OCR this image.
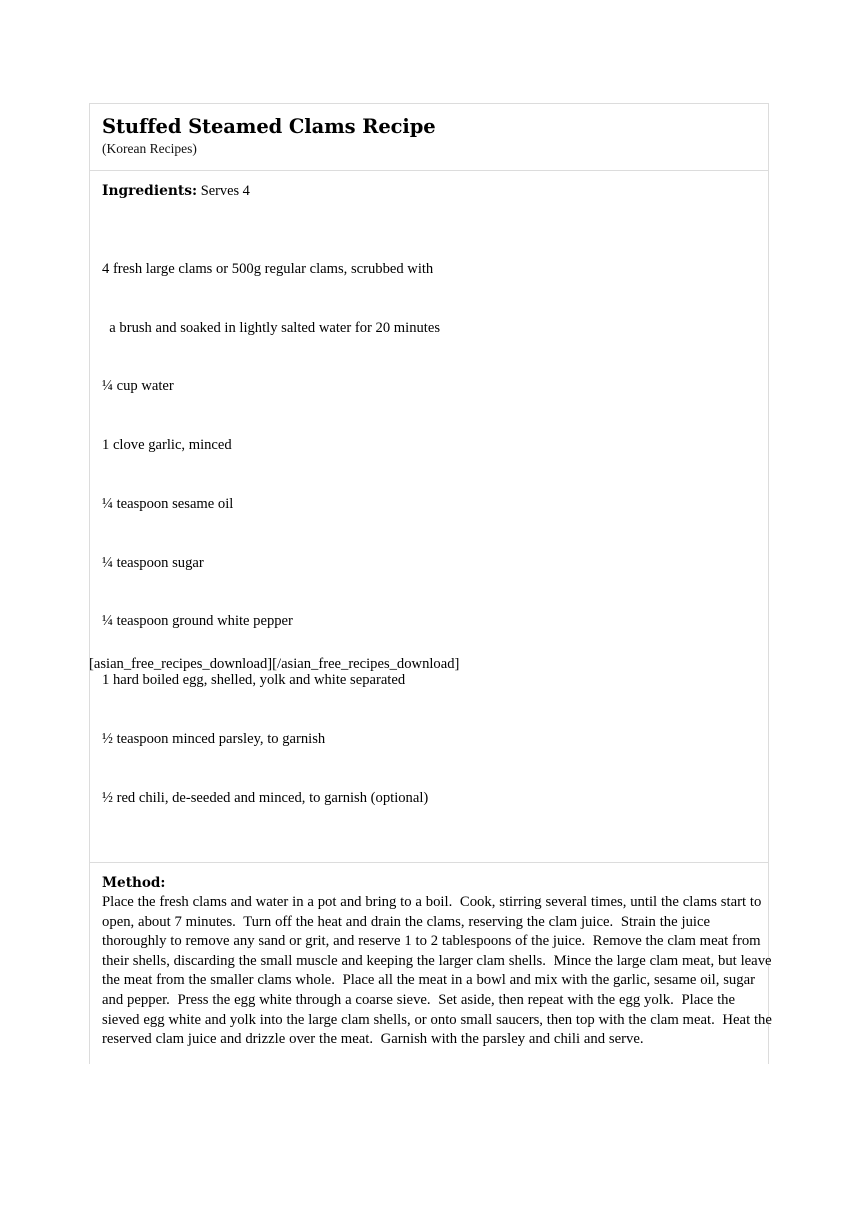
Stuffed Steamed Clams Recipe
(Korean Recipes)

Ingredients: Serves 4

4 fresh large clams or 500g regular clams, scrubbed with

a brush and soaked in lightly salted water for 20 minutes

¼ cup water

1 clove garlic, minced

¼ teaspoon sesame oil

¼ teaspoon sugar

¼ teaspoon ground white pepper

1 hard boiled egg, shelled, yolk and white separated

½ teaspoon minced parsley, to garnish

½ red chili, de-seeded and minced, to garnish (optional)

Method:

Place the fresh clams and water in a pot and bring to a boil.  Cook, stirring several times, until the clams start to open, about 7 minutes.  Turn off the heat and drain the clams, reserving the clam juice.  Strain the juice thoroughly to remove any sand or grit, and reserve 1 to 2 tablespoons of the juice.  Remove the clam meat from their shells, discarding the small muscle and keeping the larger clam shells.  Mince the large clam meat, but leave the meat from the smaller clams whole.  Place all the meat in a bowl and mix with the garlic, sesame oil, sugar and pepper.  Press the egg white through a coarse sieve.  Set aside, then repeat with the egg yolk.  Place the sieved egg white and yolk into the large clam shells, or onto small saucers, then top with the clam meat.  Heat the reserved clam juice and drizzle over the meat.  Garnish with the parsley and chili and serve.

[asian_free_recipes_download][/asian_free_recipes_download]
